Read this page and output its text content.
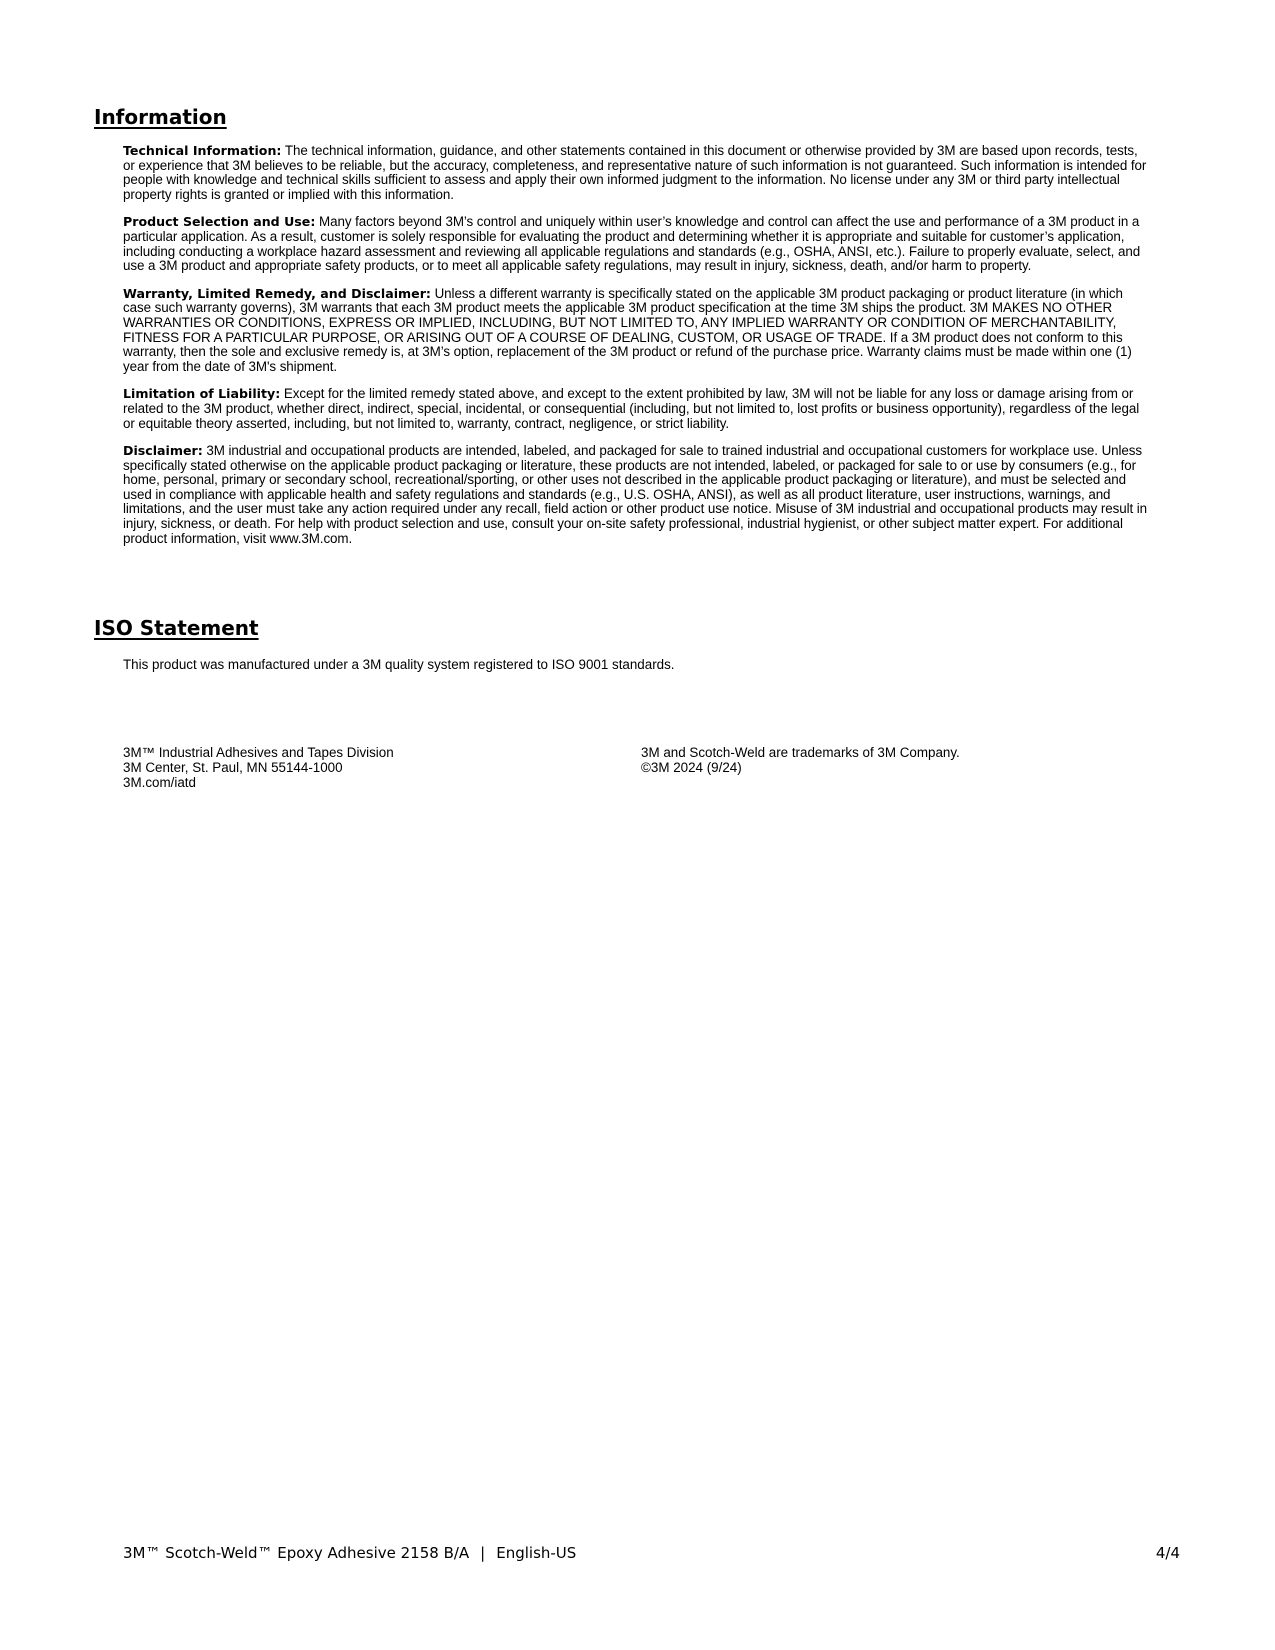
Information

Technical Information: The technical information, guidance, and other statements contained in this document or otherwise provided by 3M are based upon records, tests, or experience that 3M believes to be reliable, but the accuracy, completeness, and representative nature of such information is not guaranteed. Such information is intended for people with knowledge and technical skills sufficient to assess and apply their own informed judgment to the information. No license under any 3M or third party intellectual property rights is granted or implied with this information.

Product Selection and Use: Many factors beyond 3M’s control and uniquely within user’s knowledge and control can affect the use and performance of a 3M product in a particular application. As a result, customer is solely responsible for evaluating the product and determining whether it is appropriate and suitable for customer’s application, including conducting a workplace hazard assessment and reviewing all applicable regulations and standards (e.g., OSHA, ANSI, etc.). Failure to properly evaluate, select, and use a 3M product and appropriate safety products, or to meet all applicable safety regulations, may result in injury, sickness, death, and/or harm to property.

Warranty, Limited Remedy, and Disclaimer: Unless a different warranty is specifically stated on the applicable 3M product packaging or product literature (in which case such warranty governs), 3M warrants that each 3M product meets the applicable 3M product specification at the time 3M ships the product. 3M MAKES NO OTHER WARRANTIES OR CONDITIONS, EXPRESS OR IMPLIED, INCLUDING, BUT NOT LIMITED TO, ANY IMPLIED WARRANTY OR CONDITION OF MERCHANTABILITY, FITNESS FOR A PARTICULAR PURPOSE, OR ARISING OUT OF A COURSE OF DEALING, CUSTOM, OR USAGE OF TRADE. If a 3M product does not conform to this warranty, then the sole and exclusive remedy is, at 3M’s option, replacement of the 3M product or refund of the purchase price. Warranty claims must be made within one (1) year from the date of 3M's shipment.

Limitation of Liability: Except for the limited remedy stated above, and except to the extent prohibited by law, 3M will not be liable for any loss or damage arising from or related to the 3M product, whether direct, indirect, special, incidental, or consequential (including, but not limited to, lost profits or business opportunity), regardless of the legal or equitable theory asserted, including, but not limited to, warranty, contract, negligence, or strict liability.

Disclaimer: 3M industrial and occupational products are intended, labeled, and packaged for sale to trained industrial and occupational customers for workplace use. Unless specifically stated otherwise on the applicable product packaging or literature, these products are not intended, labeled, or packaged for sale to or use by consumers (e.g., for home, personal, primary or secondary school, recreational/sporting, or other uses not described in the applicable product packaging or literature), and must be selected and used in compliance with applicable health and safety regulations and standards (e.g., U.S. OSHA, ANSI), as well as all product literature, user instructions, warnings, and limitations, and the user must take any action required under any recall, field action or other product use notice. Misuse of 3M industrial and occupational products may result in injury, sickness, or death. For help with product selection and use, consult your on-site safety professional, industrial hygienist, or other subject matter expert. For additional product information, visit www.3M.com.

ISO Statement

This product was manufactured under a 3M quality system registered to ISO 9001 standards.

3M™ Industrial Adhesives and Tapes Division
3M Center, St. Paul, MN 55144-1000
3M.com/iatd
3M and Scotch-Weld are trademarks of 3M Company.
©3M 2024 (9/24)
3M™ Scotch-Weld™ Epoxy Adhesive 2158 B/A | English-US	4/4
